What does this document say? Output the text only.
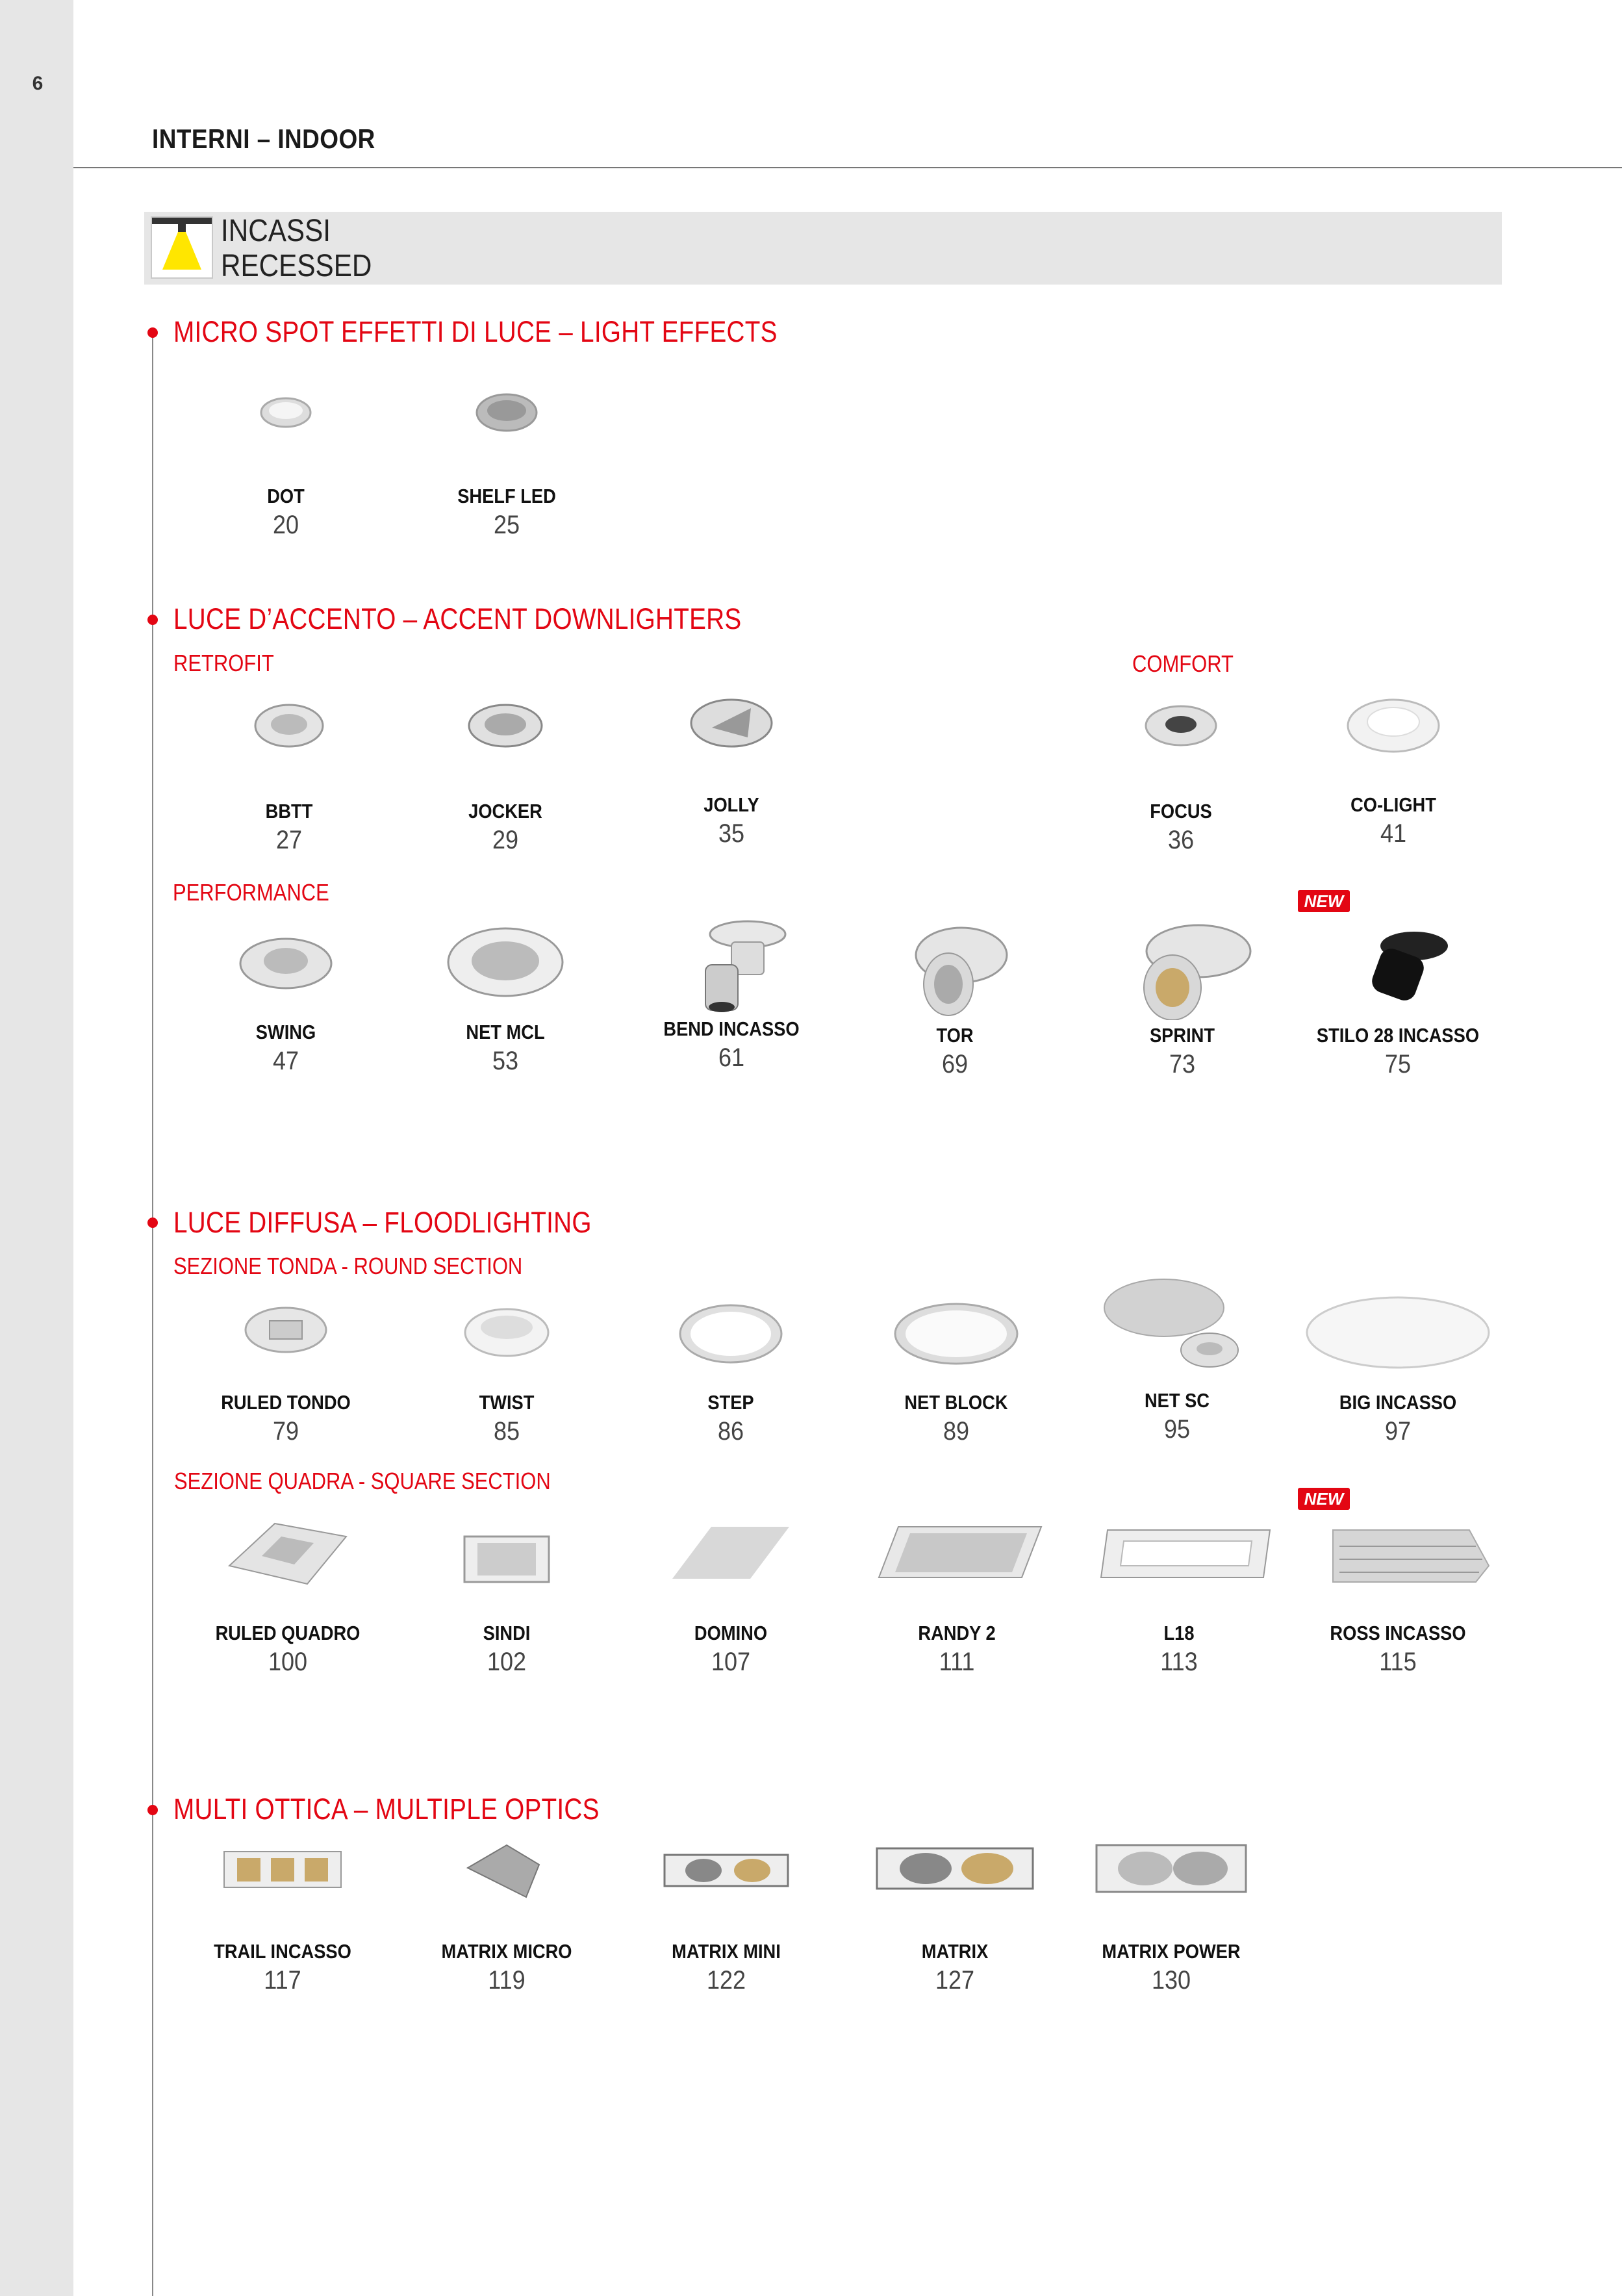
6
INTERNI – INDOOR
INCASSI
RECESSED
MICRO SPOT EFFETTI DI LUCE – LIGHT EFFECTS
DOT
20
SHELF LED
25
LUCE D’ACCENTO – ACCENT DOWNLIGHTERS
RETROFIT	COMFORT
BBTT
27
JOCKER
29
JOLLY
35
FOCUS
36
CO-LIGHT
41
PERFORMANCE
SWING
47
NET MCL
53
BEND INCASSO
61
TOR
69
SPRINT
73
NEW
STILO 28 INCASSO
75
LUCE DIFFUSA – FLOODLIGHTING
SEZIONE TONDA - ROUND SECTION
RULED TONDO
79
TWIST
85
STEP
86
NET BLOCK
89
NET SC
95
BIG INCASSO
97
SEZIONE QUADRA - SQUARE SECTION
RULED QUADRO
100
SINDI
102
DOMINO
107
RANDY 2
111
L18
113
NEW
ROSS INCASSO
115
MULTI OTTICA – MULTIPLE OPTICS
TRAIL INCASSO
117
MATRIX MICRO
119
MATRIX MINI
122
MATRIX
127
MATRIX POWER
130
